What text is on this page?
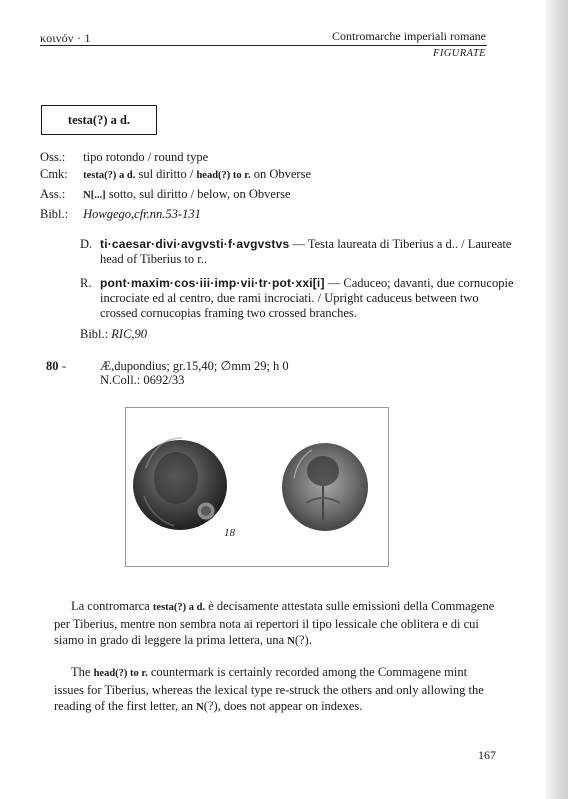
κοινόν · 1	Contromarche imperiali romane
FIGURATE
testa(?) a d.
Oss.: tipo rotondo / round type
Cmk: testa(?) a d. sul diritto / head(?) to r. on Obverse
Ass.: N[...] sotto, sul diritto / below, on Obverse
Bibl.: Howgego,cfr.nn.53-131
D. ti·caesar·divi·avgvsti·f·avgvstvs — Testa laureata di Tiberius a d.. / Laureate
head of Tiberius to r..
R. pont·maxim·cos·iii·imp·vii·tr·pot·xxi[i] — Caduceo; davanti, due cornucopie
incrociate ed al centro, due rami incrociati. / Upright caduceus between two
crossed cornucopias framing two crossed branches.
Bibl.: RIC,90
80 -	Æ,dupondius; gr.15,40; ∅mm 29; h 0
N.Coll.: 0692/33
18
La contromarca testa(?) a d. è decisamente attestata sulle emissioni della Commagene
per Tiberius, mentre non sembra nota ai repertori il tipo lessicale che oblitera e di cui
siamo in grado di leggere la prima lettera, una N(?).
The head(?) to r. countermark is certainly recorded among the Commagene mint
issues for Tiberius, whereas the lexical type re-struck the others and only allowing the
reading of the first letter, an N(?), does not appear on indexes.
167
